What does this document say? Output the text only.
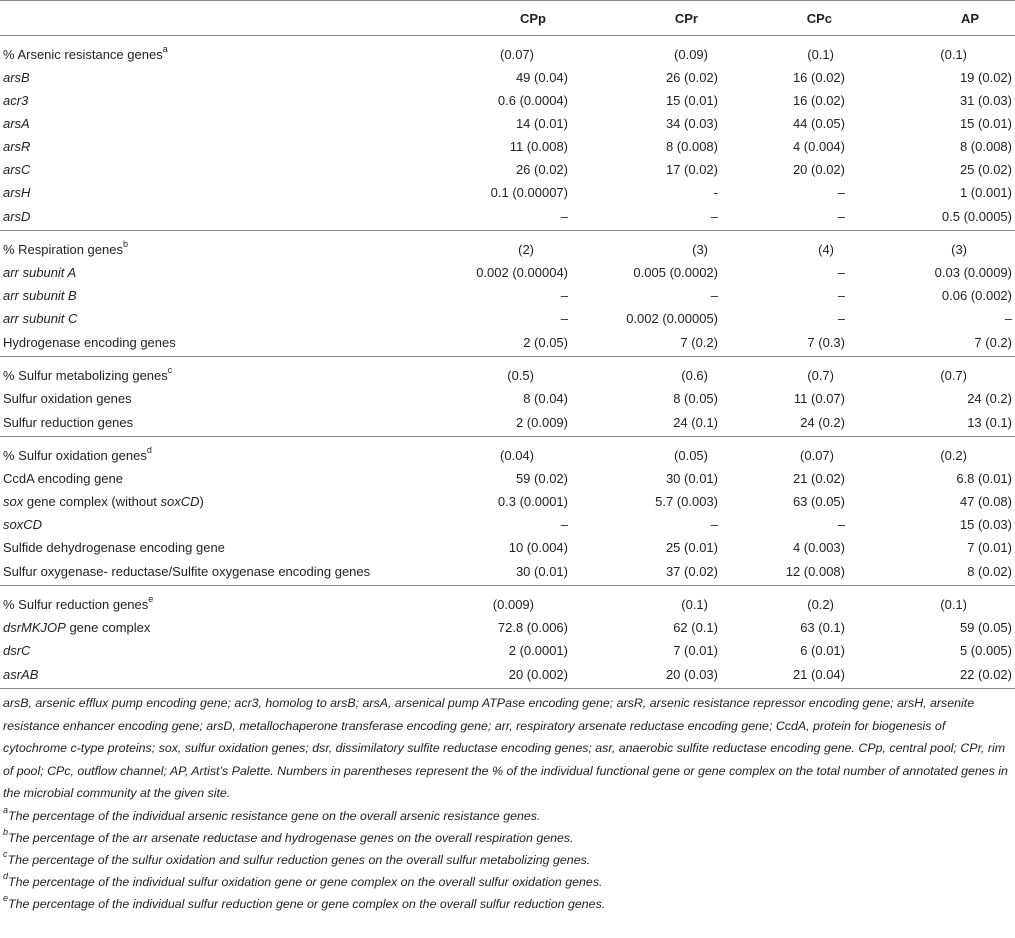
	CPp	CPr	CPc	AP
% Arsenic resistance genes$^a$	(0.07)	(0.09)	(0.1)	(0.1)
arsB	49 (0.04)	26 (0.02)	16 (0.02)	19 (0.02)
acr3	0.6 (0.0004)	15 (0.01)	16 (0.02)	31 (0.03)
arsA	14 (0.01)	34 (0.03)	44 (0.05)	15 (0.01)
arsR	11 (0.008)	8 (0.008)	4 (0.004)	8 (0.008)
arsC	26 (0.02)	17 (0.02)	20 (0.02)	25 (0.02)
arsH	0.1 (0.00007)	-	–	1 (0.001)
arsD	–	–	–	0.5 (0.0005)
% Respiration genes$^b$	(2)	(3)	(4)	(3)
arr subunit A	0.002 (0.00004)	0.005 (0.0002)	–	0.03 (0.0009)
arr subunit B	–	–	–	0.06 (0.002)
arr subunit C	–	0.002 (0.00005)	–	–
Hydrogenase encoding genes	2 (0.05)	7 (0.2)	7 (0.3)	7 (0.2)
% Sulfur metabolizing genes$^c$	(0.5)	(0.6)	(0.7)	(0.7)
Sulfur oxidation genes	8 (0.04)	8 (0.05)	11 (0.07)	24 (0.2)
Sulfur reduction genes	2 (0.009)	24 (0.1)	24 (0.2)	13 (0.1)
% Sulfur oxidation genes$^d$	(0.04)	(0.05)	(0.07)	(0.2)
CcdA encoding gene	59 (0.02)	30 (0.01)	21 (0.02)	6.8 (0.01)
sox gene complex (without soxCD)	0.3 (0.0001)	5.7 (0.003)	63 (0.05)	47 (0.08)
soxCD	–	–	–	15 (0.03)
Sulfide dehydrogenase encoding gene	10 (0.004)	25 (0.01)	4 (0.003)	7 (0.01)
Sulfur oxygenase- reductase/Sulfite oxygenase encoding genes	30 (0.01)	37 (0.02)	12 (0.008)	8 (0.02)
% Sulfur reduction genes$^e$	(0.009)	(0.1)	(0.2)	(0.1)
dsrMKJOP gene complex	72.8 (0.006)	62 (0.1)	63 (0.1)	59 (0.05)
dsrC	2 (0.0001)	7 (0.01)	6 (0.01)	5 (0.005)
asrAB	20 (0.002)	20 (0.03)	21 (0.04)	22 (0.02)

arsB, arsenic efflux pump encoding gene; acr3, homolog to arsB; arsA, arsenical pump ATPase encoding gene; arsR, arsenic resistance repressor encoding gene; arsH, arsenite resistance enhancer encoding gene; arsD, metallochaperone transferase encoding gene; arr, respiratory arsenate reductase encoding gene; CcdA, protein for biogenesis of cytochrome c-type proteins; sox, sulfur oxidation genes; dsr, dissimilatory sulfite reductase encoding genes; asr, anaerobic sulfite reductase encoding gene. CPp, central pool; CPr, rim of pool; CPc, outflow channel; AP, Artist’s Palette. Numbers in parentheses represent the % of the individual functional gene or gene complex on the total number of annotated genes in the microbial community at the given site.

$^a$The percentage of the individual arsenic resistance gene on the overall arsenic resistance genes.

$^b$The percentage of the arr arsenate reductase and hydrogenase genes on the overall respiration genes.

$^c$The percentage of the sulfur oxidation and sulfur reduction genes on the overall sulfur metabolizing genes.

$^d$The percentage of the individual sulfur oxidation gene or gene complex on the overall sulfur oxidation genes.

$^e$The percentage of the individual sulfur reduction gene or gene complex on the overall sulfur reduction genes.
